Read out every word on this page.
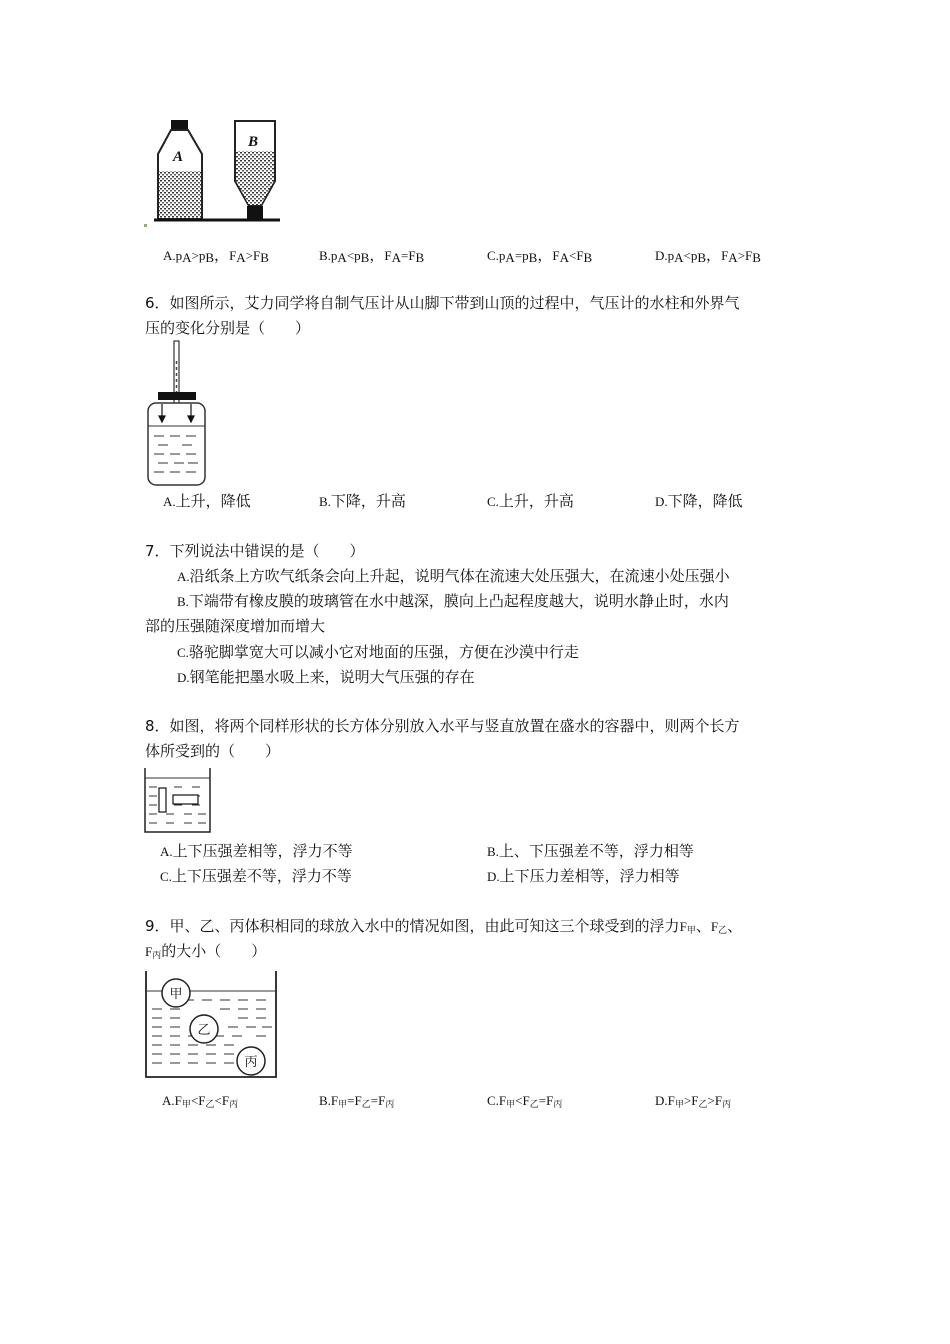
A
B
$A.p_A>p_B$，$F_A>F_B$	$B.p_A<p_B$，$F_A=F_B$	$C.p_A=p_B$，$F_A<F_B$	$D.p_A<p_B$，$F_A>F_B$
6．如图所示，艾力同学将自制气压计从山脚下带到山顶的过程中，气压计的水柱和外界气
压的变化分别是（　　）
A.上升，降低	B.下降，升高	C.上升，升高	D.下降，降低
7．下列说法中错误的是（　　）
A.沿纸条上方吹气纸条会向上升起，说明气体在流速大处压强大，在流速小处压强小
B.下端带有橡皮膜的玻璃管在水中越深，膜向上凸起程度越大，说明水静止时，水内
部的压强随深度增加而增大
C.骆驼脚掌宽大可以减小它对地面的压强，方便在沙漠中行走
D.钢笔能把墨水吸上来，说明大气压强的存在
8．如图，将两个同样形状的长方体分别放入水平与竖直放置在盛水的容器中，则两个长方
体所受到的（　　）
A.上下压强差相等，浮力不等	B.上、下压强差不等，浮力相等
C.上下压强差不等，浮力不等	D.上下压力差相等，浮力相等
9．甲、乙、丙体积相同的球放入水中的情况如图，由此可知这三个球受到的浮力$F_甲$、$F_乙$、
$F_丙$的大小（　　）
甲
乙
丙
$A.F_甲<F_乙<F_丙$	$B.F_甲=F_乙=F_丙$	$C.F_甲<F_乙=F_丙$	$D.F_甲>F_乙>F_丙$
